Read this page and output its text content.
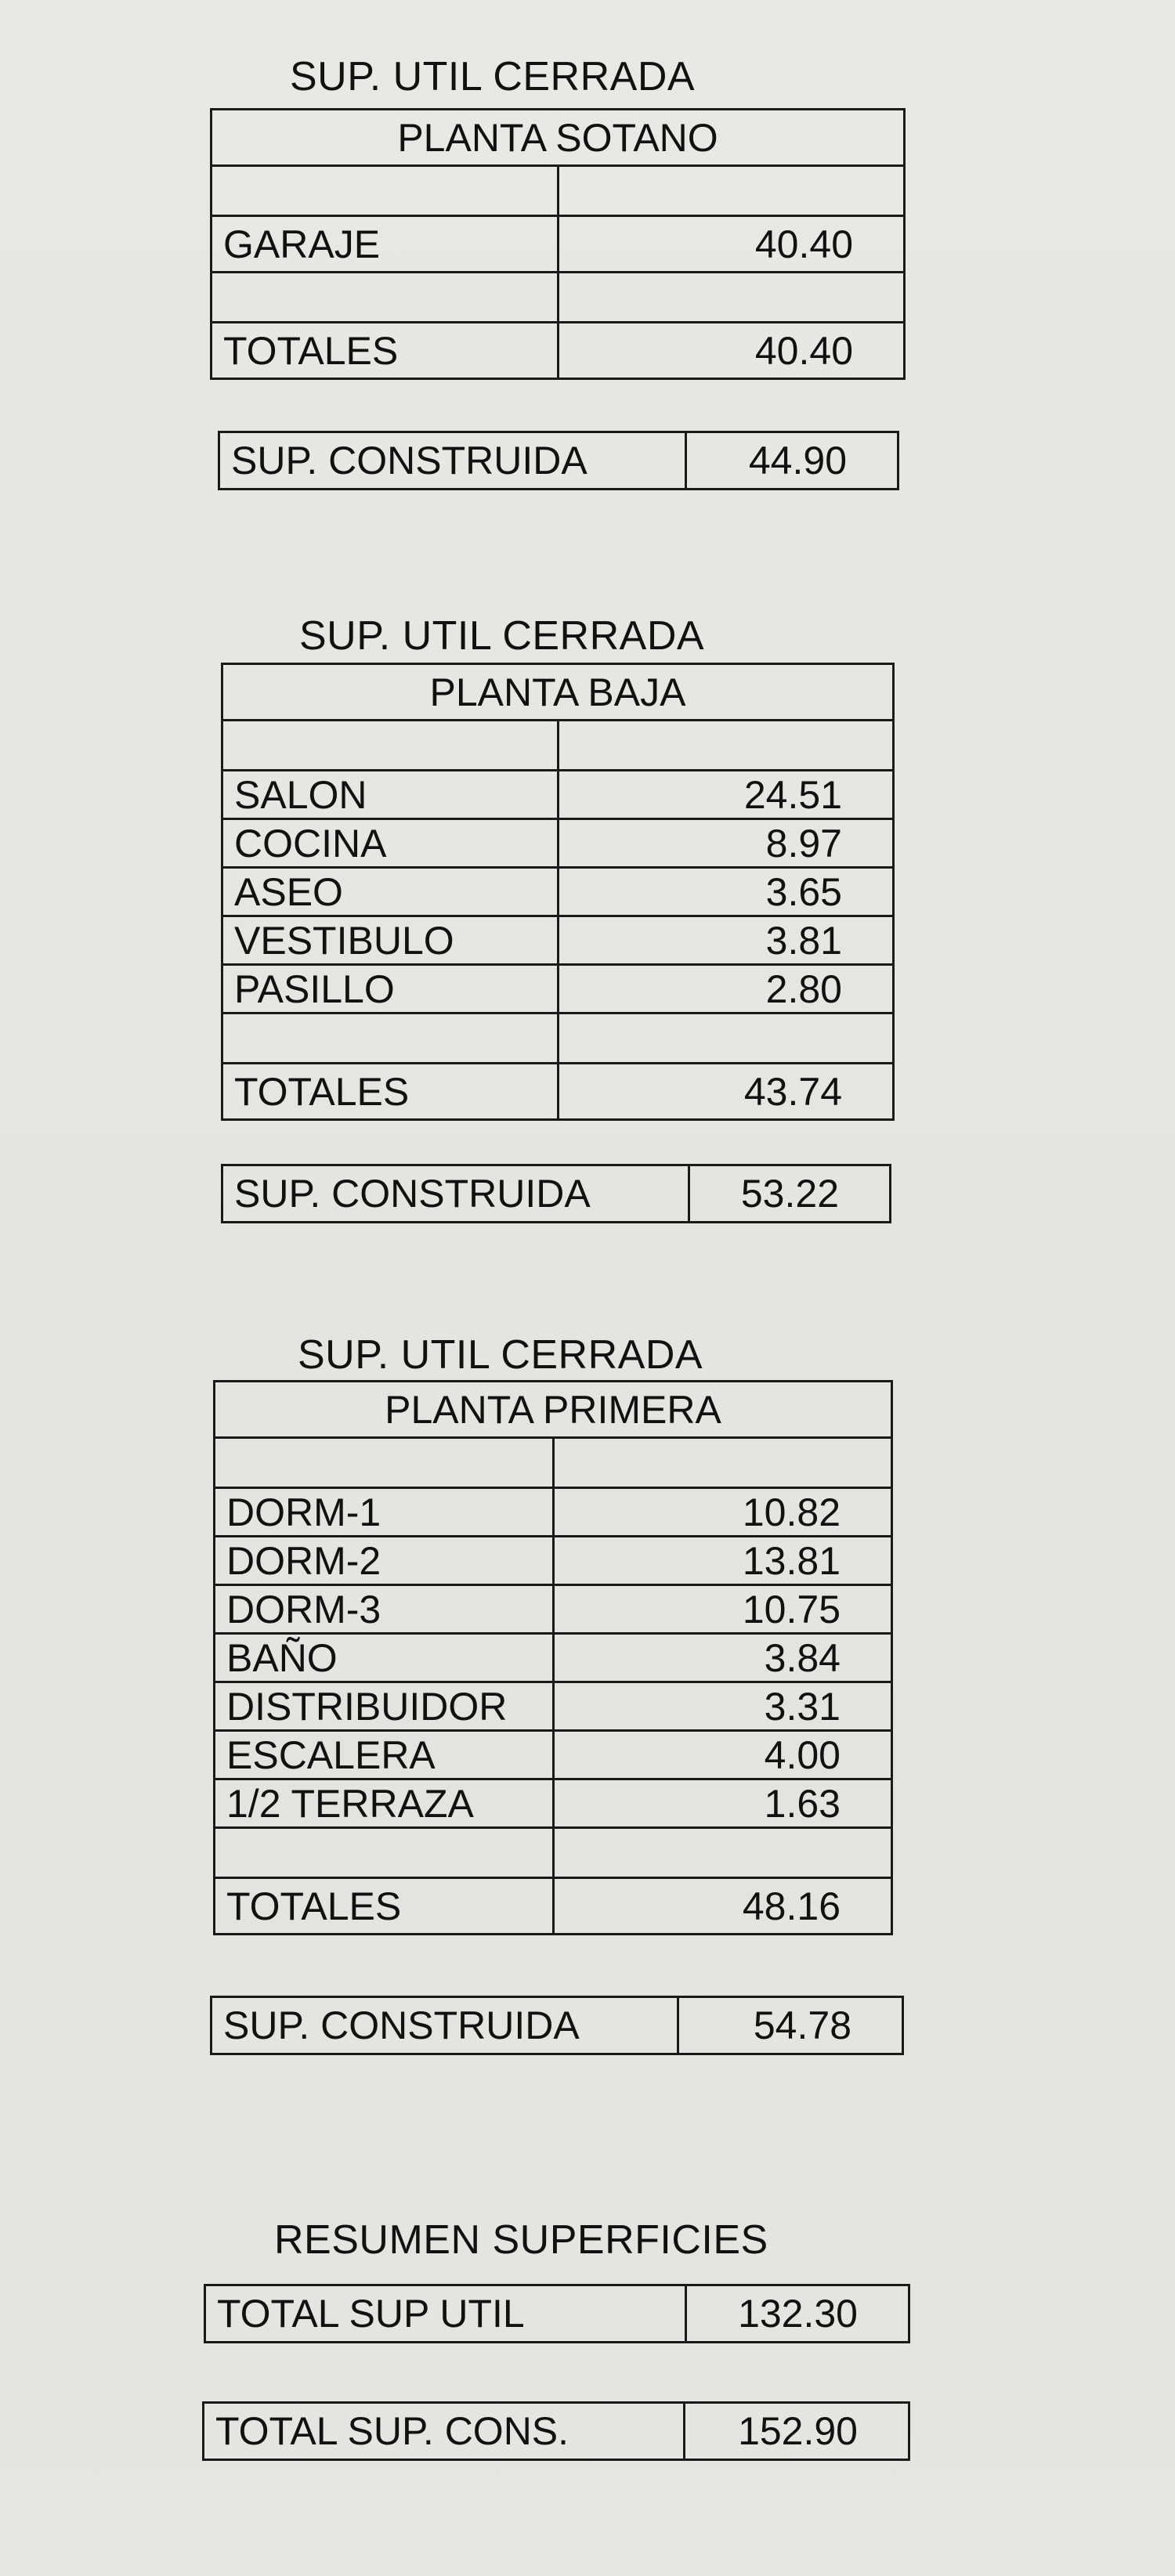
SUP. UTIL CERRADA
PLANTA SOTANO	

GARAJE	40.40

TOTALES	40.40
SUP. CONSTRUIDA	44.90
SUP. UTIL CERRADA
PLANTA BAJA	

SALON	24.51
COCINA	8.97
ASEO	3.65
VESTIBULO	3.81
PASILLO	2.80

TOTALES	43.74
SUP. CONSTRUIDA	53.22
SUP. UTIL CERRADA
PLANTA PRIMERA	

DORM-1	10.82
DORM-2	13.81
DORM-3	10.75
BAÑO	3.84
DISTRIBUIDOR	3.31
ESCALERA	4.00
1/2 TERRAZA	1.63

TOTALES	48.16
SUP. CONSTRUIDA	54.78
RESUMEN SUPERFICIES
TOTAL SUP UTIL	132.30
TOTAL SUP. CONS.	152.90
